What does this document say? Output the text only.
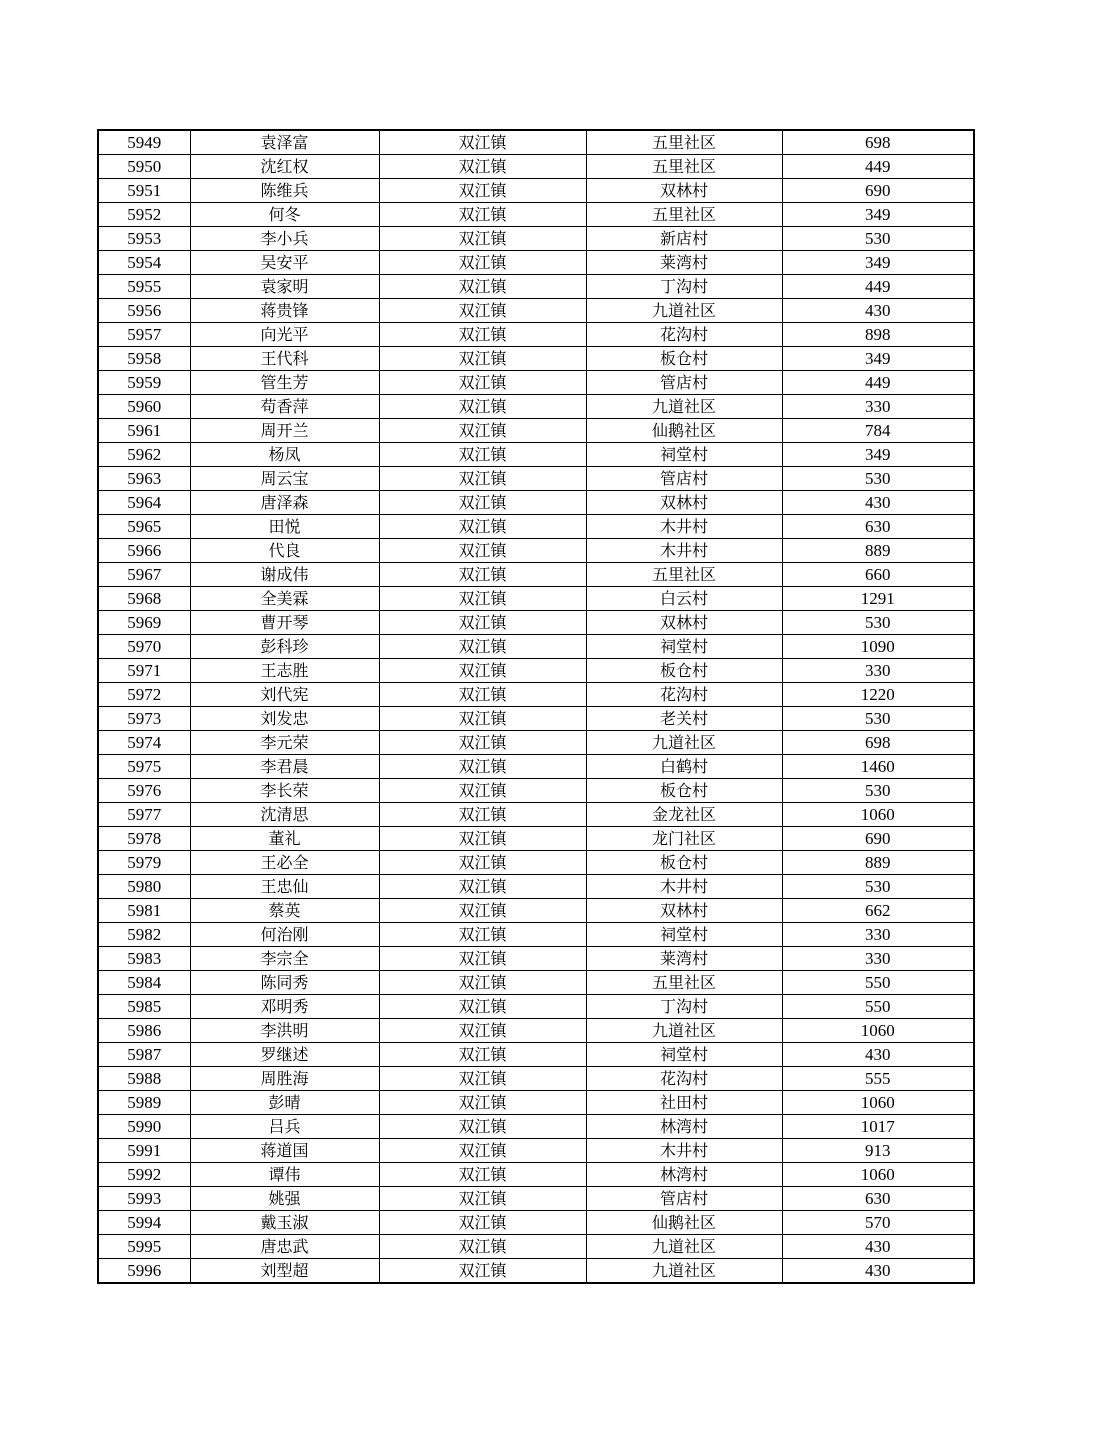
5949	袁泽富	双江镇	五里社区	698
5950	沈红权	双江镇	五里社区	449
5951	陈维兵	双江镇	双林村	690
5952	何冬	双江镇	五里社区	349
5953	李小兵	双江镇	新店村	530
5954	吴安平	双江镇	莱湾村	349
5955	袁家明	双江镇	丁沟村	449
5956	蒋贵锋	双江镇	九道社区	430
5957	向光平	双江镇	花沟村	898
5958	王代科	双江镇	板仓村	349
5959	管生芳	双江镇	管店村	449
5960	苟香萍	双江镇	九道社区	330
5961	周开兰	双江镇	仙鹅社区	784
5962	杨凤	双江镇	祠堂村	349
5963	周云宝	双江镇	管店村	530
5964	唐泽森	双江镇	双林村	430
5965	田悦	双江镇	木井村	630
5966	代良	双江镇	木井村	889
5967	谢成伟	双江镇	五里社区	660
5968	全美霖	双江镇	白云村	1291
5969	曹开琴	双江镇	双林村	530
5970	彭科珍	双江镇	祠堂村	1090
5971	王志胜	双江镇	板仓村	330
5972	刘代宪	双江镇	花沟村	1220
5973	刘发忠	双江镇	老关村	530
5974	李元荣	双江镇	九道社区	698
5975	李君晨	双江镇	白鹤村	1460
5976	李长荣	双江镇	板仓村	530
5977	沈清思	双江镇	金龙社区	1060
5978	董礼	双江镇	龙门社区	690
5979	王必全	双江镇	板仓村	889
5980	王忠仙	双江镇	木井村	530
5981	蔡英	双江镇	双林村	662
5982	何治刚	双江镇	祠堂村	330
5983	李宗全	双江镇	莱湾村	330
5984	陈同秀	双江镇	五里社区	550
5985	邓明秀	双江镇	丁沟村	550
5986	李洪明	双江镇	九道社区	1060
5987	罗继述	双江镇	祠堂村	430
5988	周胜海	双江镇	花沟村	555
5989	彭晴	双江镇	社田村	1060
5990	吕兵	双江镇	林湾村	1017
5991	蒋道国	双江镇	木井村	913
5992	谭伟	双江镇	林湾村	1060
5993	姚强	双江镇	管店村	630
5994	戴玉淑	双江镇	仙鹅社区	570
5995	唐忠武	双江镇	九道社区	430
5996	刘型超	双江镇	九道社区	430
